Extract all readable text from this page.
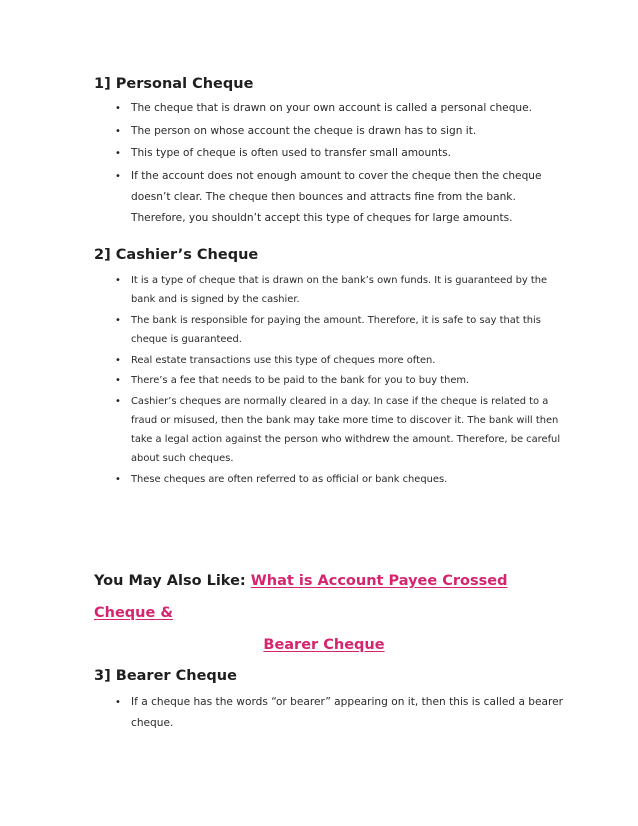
1] Personal Cheque
• The cheque that is drawn on your own account is called a personal cheque.
• The person on whose account the cheque is drawn has to sign it.
• This type of cheque is often used to transfer small amounts.
• If the account does not enough amount to cover the cheque then the cheque doesn’t clear. The cheque then bounces and attracts fine from the bank. Therefore, you shouldn’t accept this type of cheques for large amounts.
2] Cashier’s Cheque
• It is a type of cheque that is drawn on the bank’s own funds. It is guaranteed by the bank and is signed by the cashier.
• The bank is responsible for paying the amount. Therefore, it is safe to say that this cheque is guaranteed.
• Real estate transactions use this type of cheques more often.
• There’s a fee that needs to be paid to the bank for you to buy them.
• Cashier’s cheques are normally cleared in a day. In case if the cheque is related to a fraud or misused, then the bank may take more time to discover it. The bank will then take a legal action against the person who withdrew the amount. Therefore, be careful about such cheques.
• These cheques are often referred to as official or bank cheques.

You May Also Like: What is Account Payee Crossed Cheque &
Bearer Cheque

3] Bearer Cheque
• If a cheque has the words “or bearer” appearing on it, then this is called a bearer cheque.
